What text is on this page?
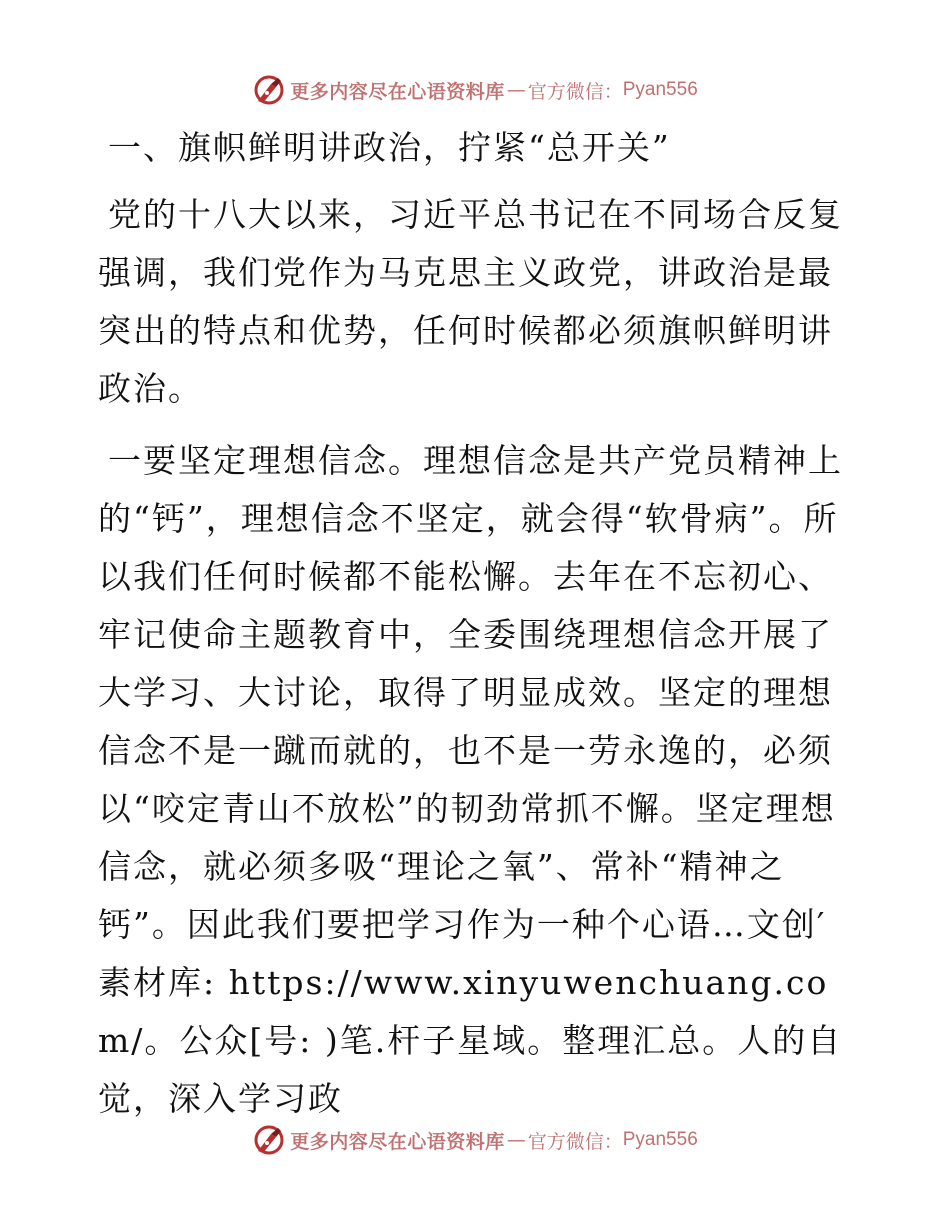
更多内容尽在心语资料库 — 官方微信： Pyan556
一、旗帜鲜明讲政治，拧紧“总开关”

党的十八大以来，习近平总书记在不同场合反复强调，我们党作为马克思主义政党，讲政治是最突出的特点和优势，任何时候都必须旗帜鲜明讲政治。

一要坚定理想信念。理想信念是共产党员精神上的“钙”，理想信念不坚定，就会得“软骨病”。所以我们任何时候都不能松懈。去年在不忘初心、牢记使命主题教育中，全委围绕理想信念开展了大学习、大讨论，取得了明显成效。坚定的理想信念不是一蹴而就的，也不是一劳永逸的，必须以“咬定青山不放松”的韧劲常抓不懈。坚定理想信念，就必须多吸“理论之氧”、常补“精神之钙”。因此我们要把学习作为一种个心语…文创′素材库: https://www.xinyuwenchuang.com/。公众[号: )笔.杆子星域。整理汇总。人的自觉，深入学习政

更多内容尽在心语资料库 — 官方微信： Pyan556
